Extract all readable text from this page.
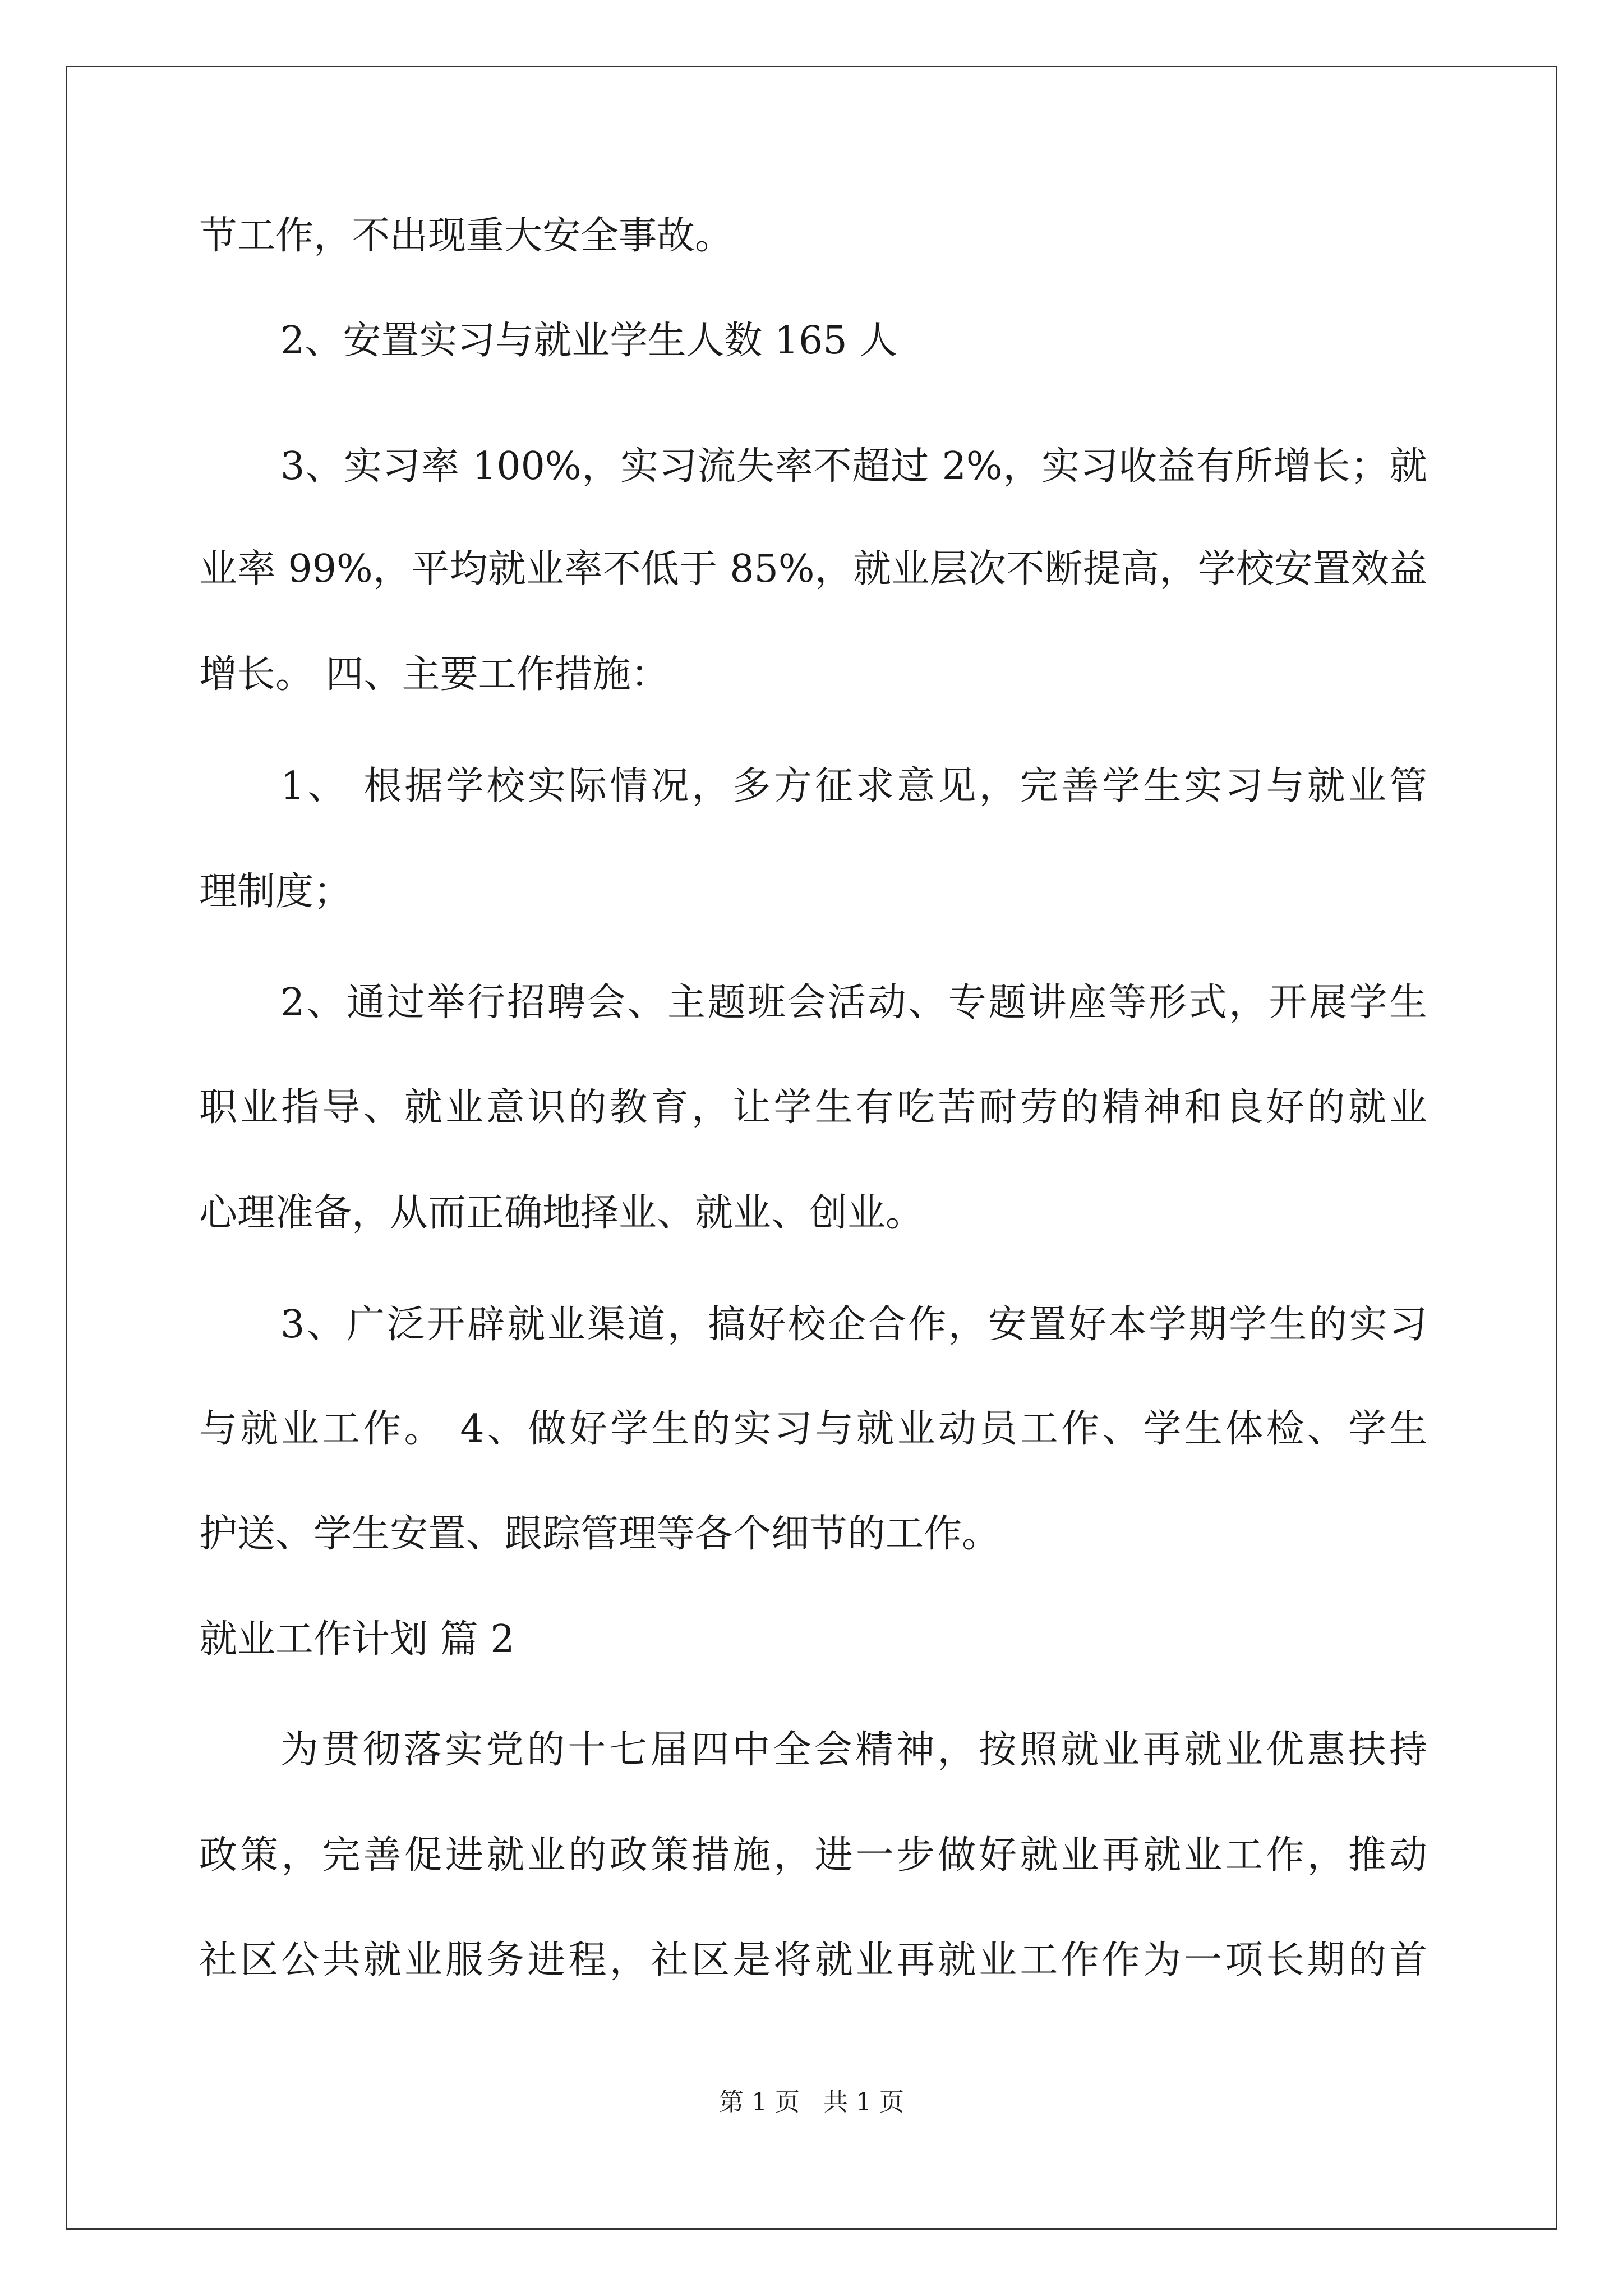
节工作，不出现重大安全事故。
2、安置实习与就业学生人数 165 人
3、实习率 100%，实习流失率不超过 2%，实习收益有所增长；就
业率 99%，平均就业率不低于 85%，就业层次不断提高，学校安置效益
增长。 四、主要工作措施：
1、 根据学校实际情况，多方征求意见，完善学生实习与就业管
理制度；
2、通过举行招聘会、主题班会活动、专题讲座等形式，开展学生
职业指导、就业意识的教育，让学生有吃苦耐劳的精神和良好的就业
心理准备，从而正确地择业、就业、创业。
3、广泛开辟就业渠道，搞好校企合作，安置好本学期学生的实习
与就业工作。 4、做好学生的实习与就业动员工作、学生体检、学生
护送、学生安置、跟踪管理等各个细节的工作。
就业工作计划 篇 2
为贯彻落实党的十七届四中全会精神，按照就业再就业优惠扶持
政策，完善促进就业的政策措施，进一步做好就业再就业工作，推动
社区公共就业服务进程，社区是将就业再就业工作作为一项长期的首
第 1 页   共 1 页
